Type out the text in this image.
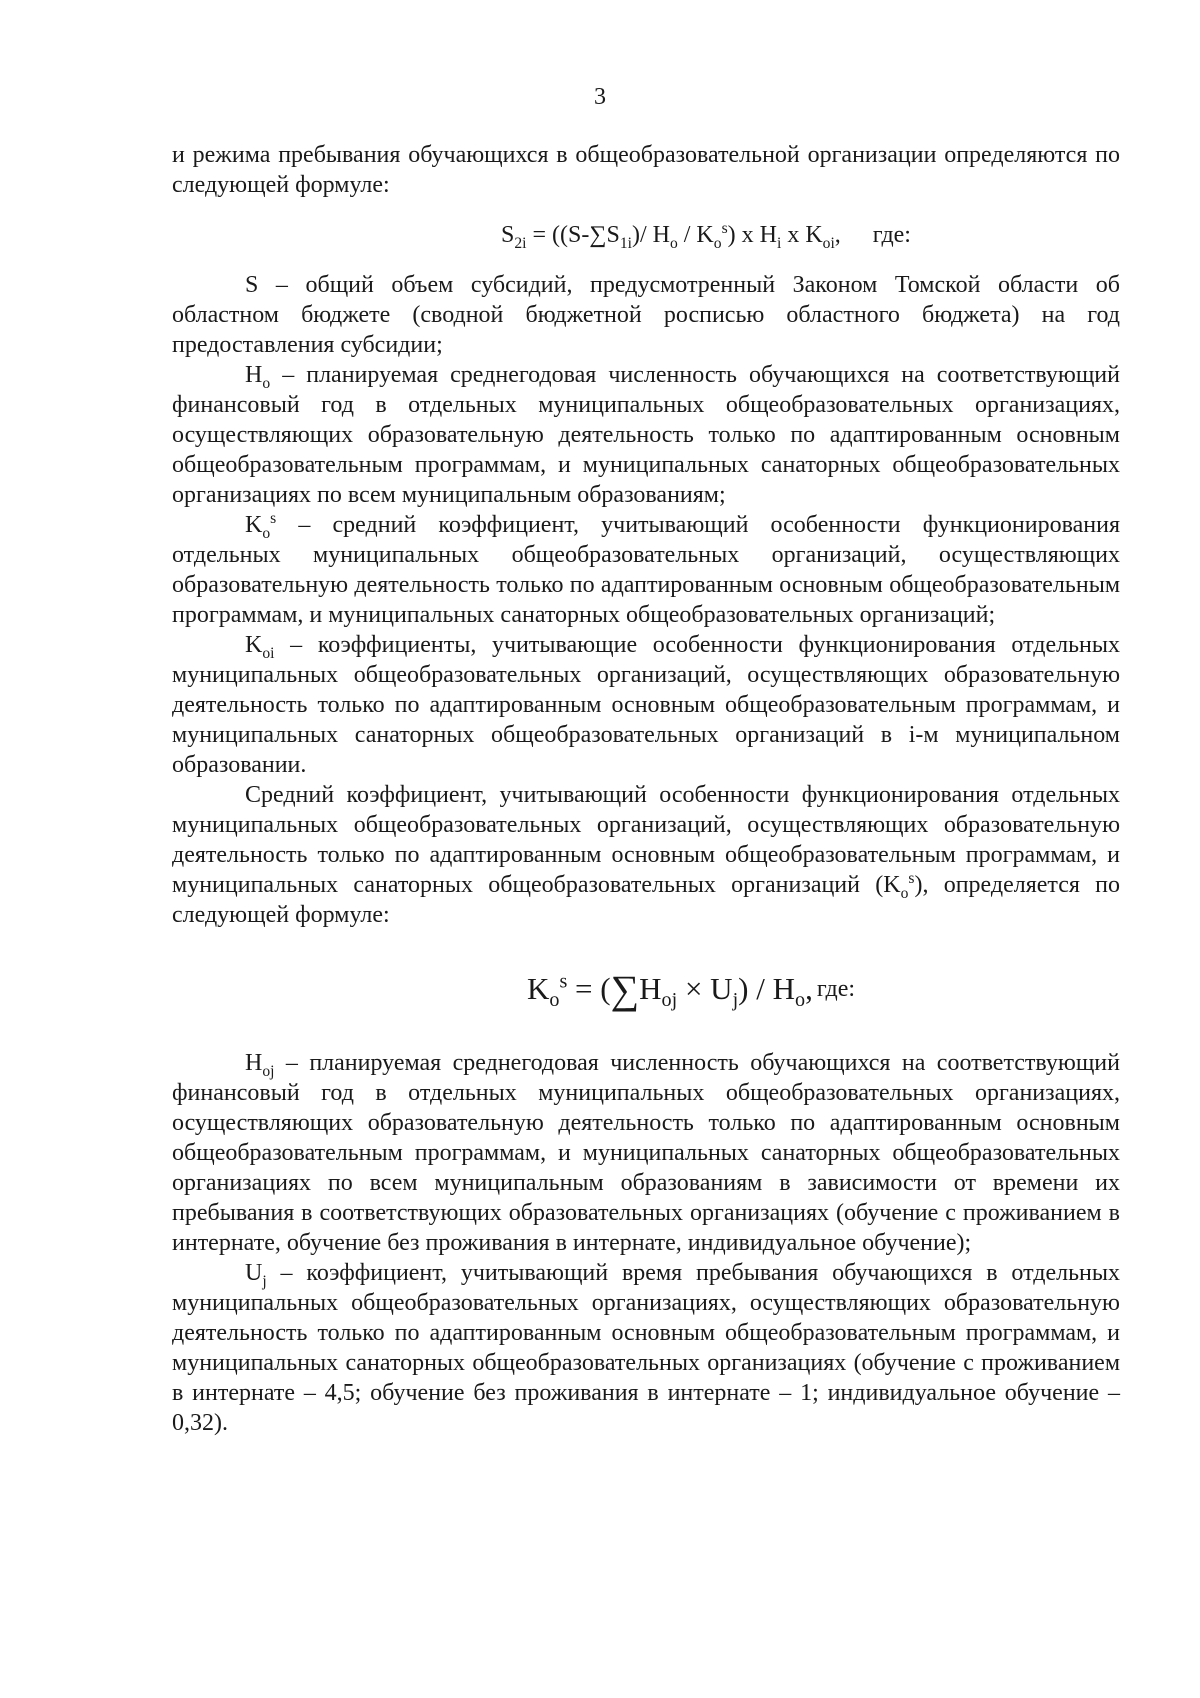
3

и режима пребывания обучающихся в общеобразовательной организации определяются по следующей формуле:

$S_{2i} = ((S-\sum S_{1i})/$ $H_o / K_o^s$) x $H_i$ x $K_{oi}$, где:

S – общий объем субсидий, предусмотренный Законом Томской области об областном бюджете (сводной бюджетной росписью областного бюджета) на год предоставления субсидии;

$H_o$ – планируемая среднегодовая численность обучающихся на соответствующий финансовый год в отдельных муниципальных общеобразовательных организациях, осуществляющих образовательную деятельность только по адаптированным основным общеобразовательным программам, и муниципальных санаторных общеобразовательных организациях по всем муниципальным образованиям;

$K_o^s$ – средний коэффициент, учитывающий особенности функционирования отдельных муниципальных общеобразовательных организаций, осуществляющих образовательную деятельность только по адаптированным основным общеобразовательным программам, и муниципальных санаторных общеобразовательных организаций;

$K_{oi}$ – коэффициенты, учитывающие особенности функционирования отдельных муниципальных общеобразовательных организаций, осуществляющих образовательную деятельность только по адаптированным основным общеобразовательным программам, и муниципальных санаторных общеобразовательных организаций в i-м муниципальном образовании.

Средний коэффициент, учитывающий особенности функционирования отдельных муниципальных общеобразовательных организаций, осуществляющих образовательную деятельность только по адаптированным основным общеобразовательным программам, и муниципальных санаторных общеобразовательных организаций $(K_o^s)$, определяется по следующей формуле:

$K_o^s = (\sum H_{oj} \times U_j) / H_o$, где:

$H_{oj}$ – планируемая среднегодовая численность обучающихся на соответствующий финансовый год в отдельных муниципальных общеобразовательных организациях, осуществляющих образовательную деятельность только по адаптированным основным общеобразовательным программам, и муниципальных санаторных общеобразовательных организациях по всем муниципальным образованиям в зависимости от времени их пребывания в соответствующих образовательных организациях (обучение с проживанием в интернате, обучение без проживания в интернате, индивидуальное обучение);

$U_j$ – коэффициент, учитывающий время пребывания обучающихся в отдельных муниципальных общеобразовательных организациях, осуществляющих образовательную деятельность только по адаптированным основным общеобразовательным программам, и муниципальных санаторных общеобразовательных организациях (обучение с проживанием в интернате – 4,5; обучение без проживания в интернате – 1; индивидуальное обучение – 0,32).
